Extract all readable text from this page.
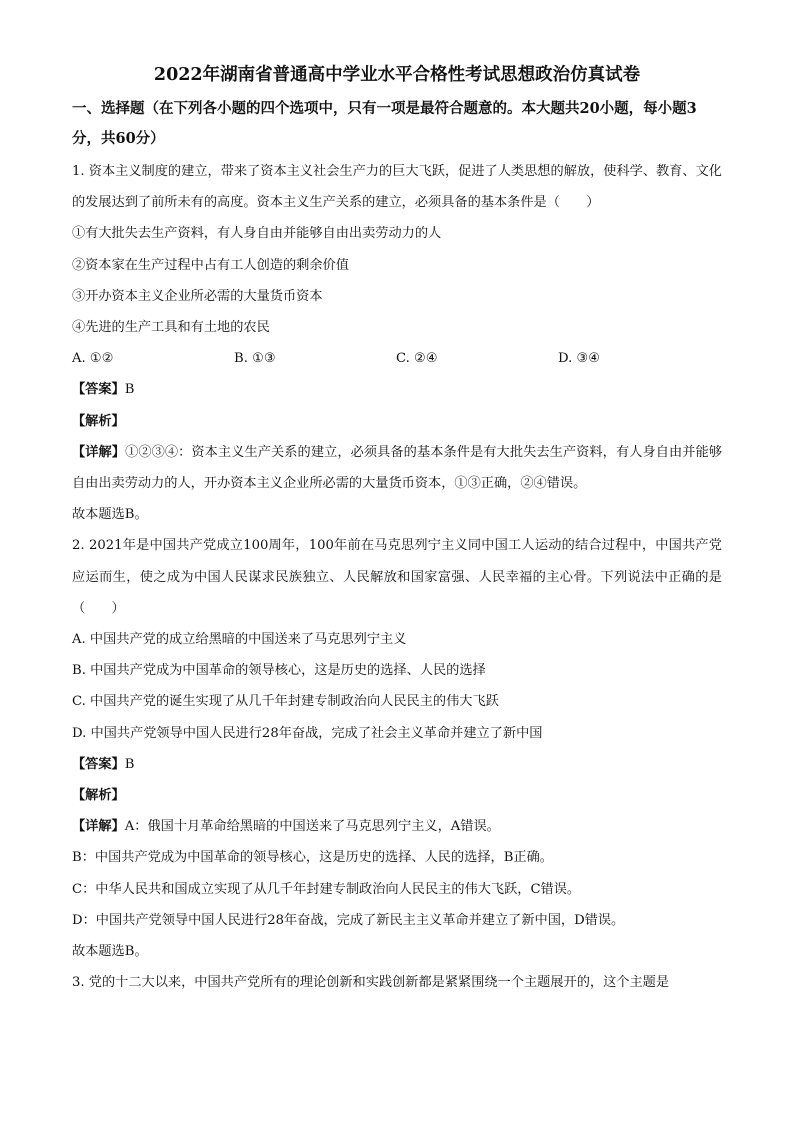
2022年湖南省普通高中学业水平合格性考试思想政治仿真试卷
一、选择题（在下列各小题的四个选项中，只有一项是最符合题意的。本大题共20小题，每小题3分，共60分）
1. 资本主义制度的建立，带来了资本主义社会生产力的巨大飞跃，促进了人类思想的解放，使科学、教育、文化的发展达到了前所未有的高度。资本主义生产关系的建立，必须具备的基本条件是（　　）
①有大批失去生产资料，有人身自由并能够自由出卖劳动力的人
②资本家在生产过程中占有工人创造的剩余价值
③开办资本主义企业所必需的大量货币资本
④先进的生产工具和有土地的农民
A. ①②	B. ①③	C. ②④	D. ③④
【答案】B
【解析】
【详解】①②③④：资本主义生产关系的建立，必须具备的基本条件是有大批失去生产资料，有人身自由并能够自由出卖劳动力的人，开办资本主义企业所必需的大量货币资本，①③正确，②④错误。
故本题选B。
2. 2021年是中国共产党成立100周年，100年前在马克思列宁主义同中国工人运动的结合过程中，中国共产党应运而生，使之成为中国人民谋求民族独立、人民解放和国家富强、人民幸福的主心骨。下列说法中正确的是（　　）
A. 中国共产党的成立给黑暗的中国送来了马克思列宁主义
B. 中国共产党成为中国革命的领导核心，这是历史的选择、人民的选择
C. 中国共产党的诞生实现了从几千年封建专制政治向人民民主的伟大飞跃
D. 中国共产党领导中国人民进行28年奋战，完成了社会主义革命并建立了新中国
【答案】B
【解析】
【详解】A：俄国十月革命给黑暗的中国送来了马克思列宁主义，A错误。
B：中国共产党成为中国革命的领导核心，这是历史的选择、人民的选择，B正确。
C：中华人民共和国成立实现了从几千年封建专制政治向人民民主的伟大飞跃，C错误。
D：中国共产党领导中国人民进行28年奋战，完成了新民主主义革命并建立了新中国，D错误。
故本题选B。
3. 党的十二大以来，中国共产党所有的理论创新和实践创新都是紧紧围绕一个主题展开的，这个主题是
